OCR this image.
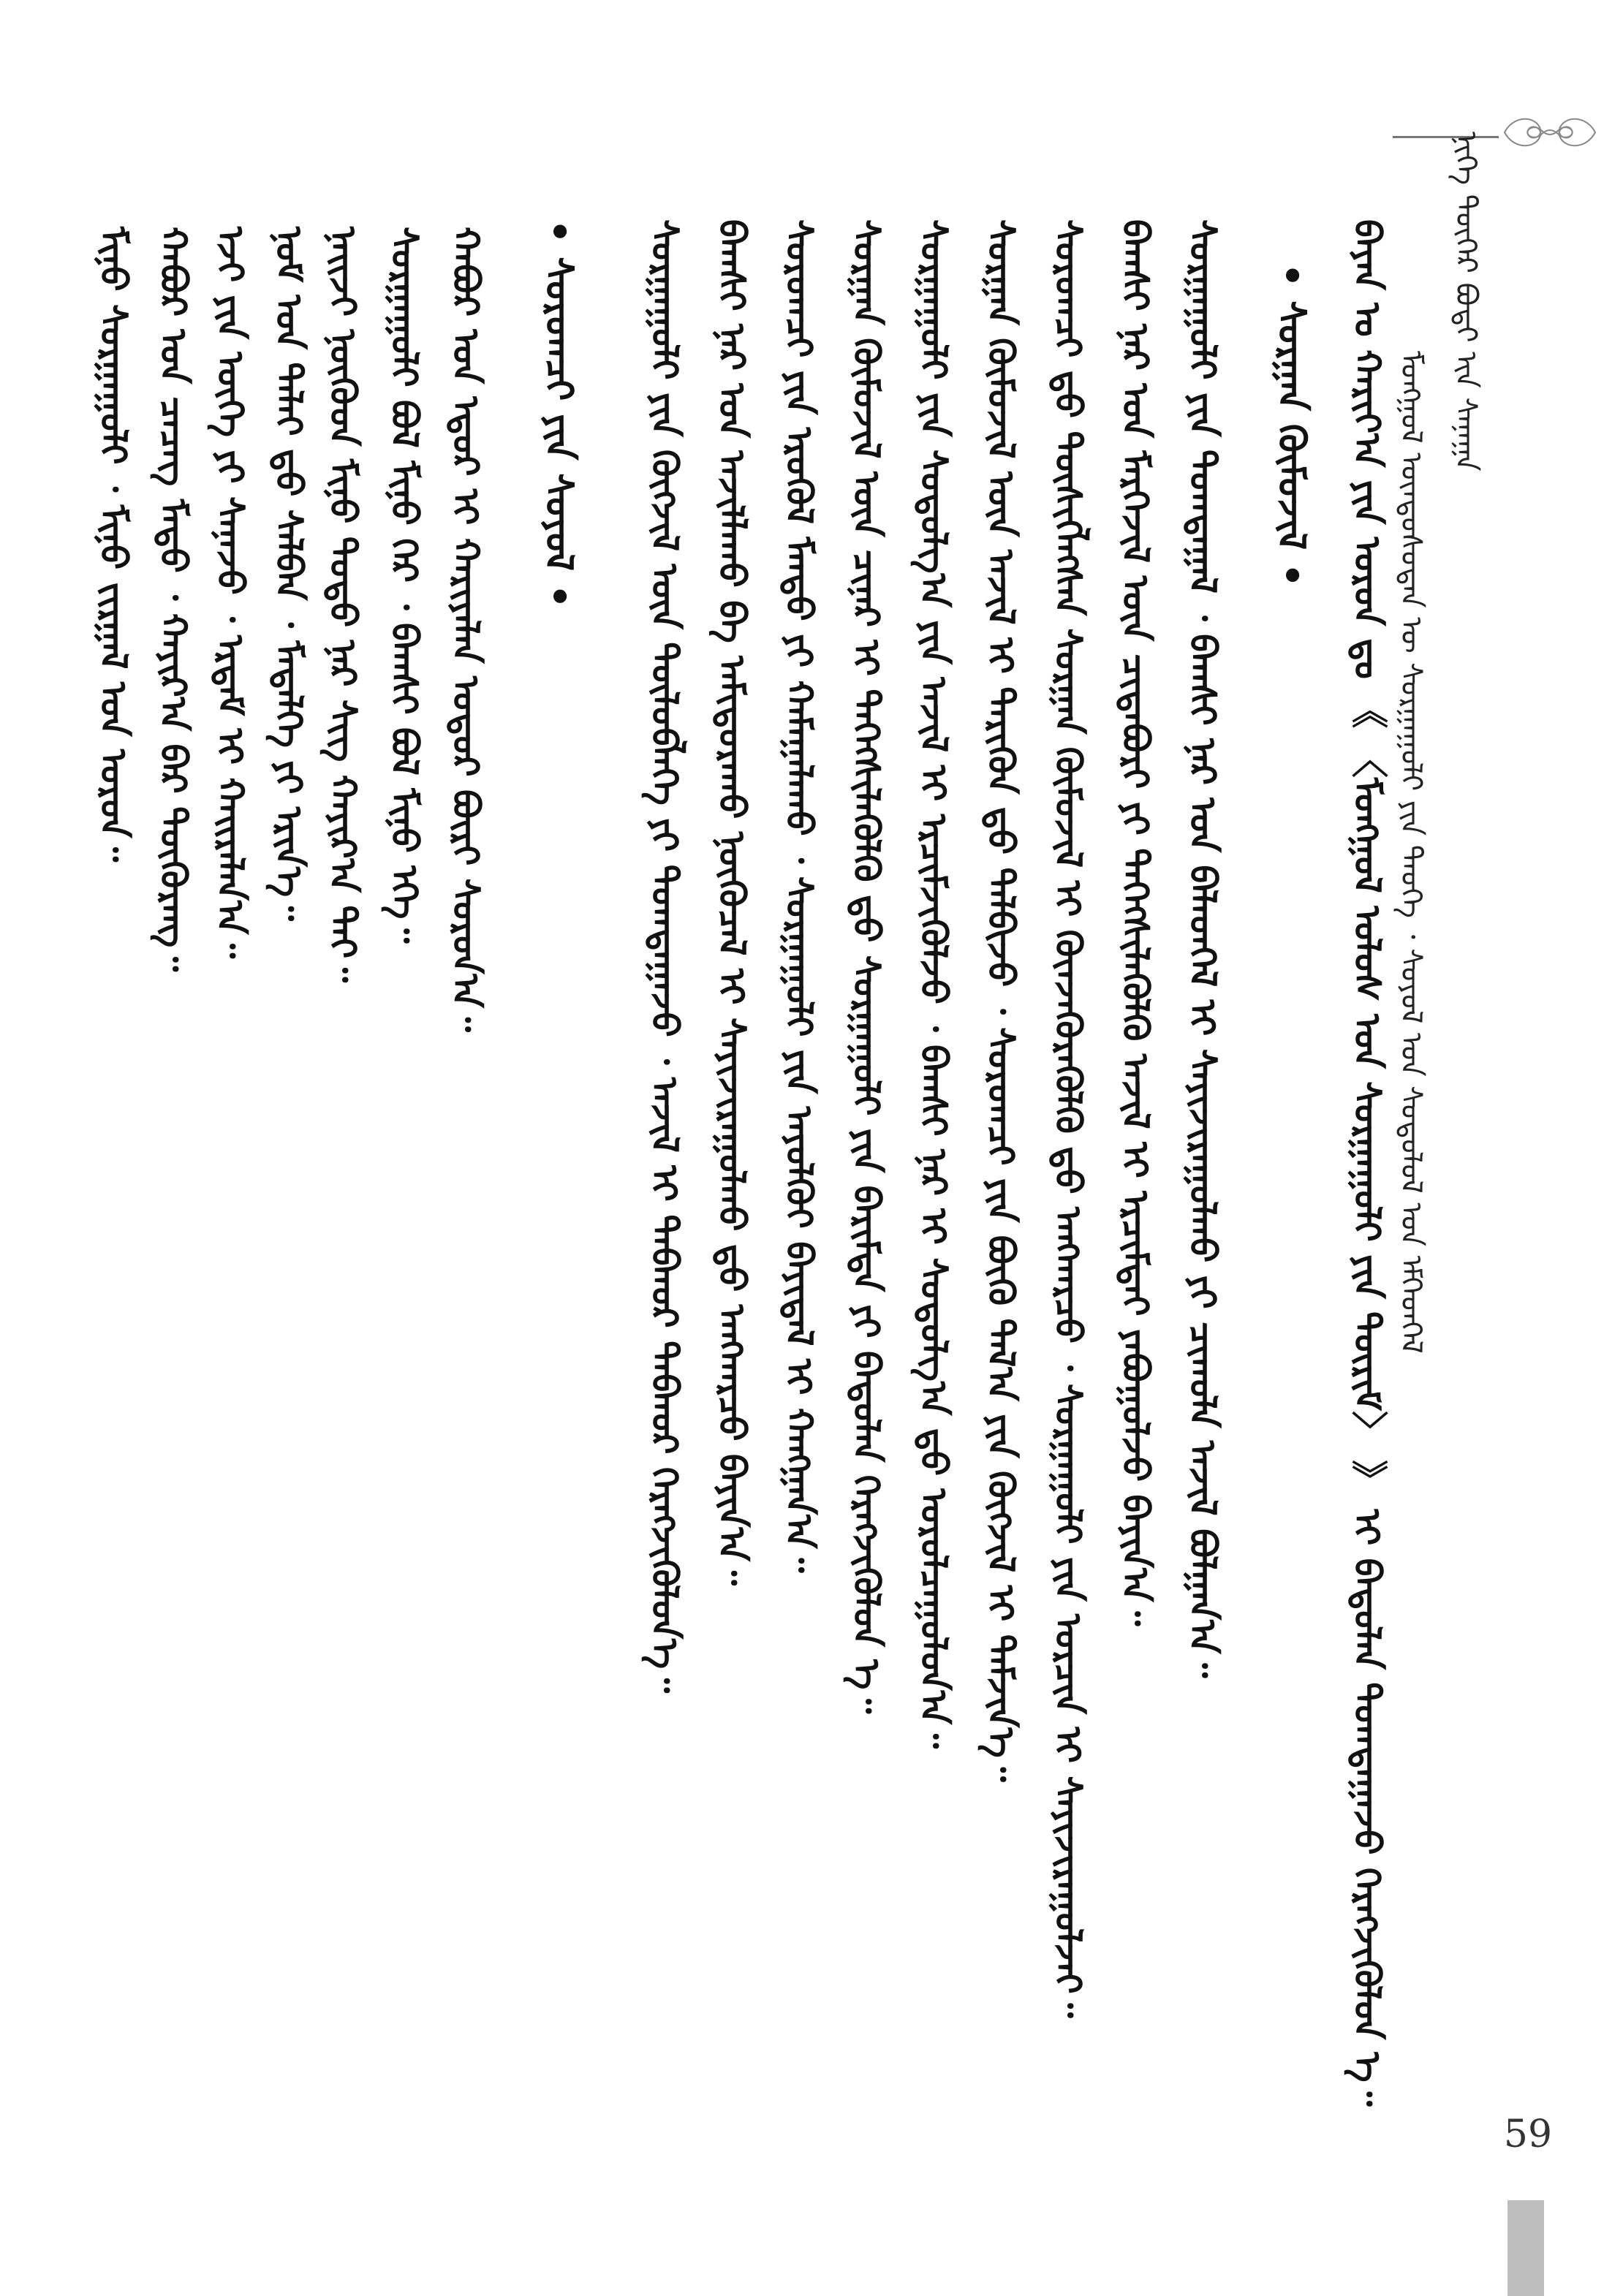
ᠮᠣᠩᠭᠣᠯ ᠦᠨᠳᠦᠰᠦᠲᠡᠨ ᠦ ᠰᠤᠷᠭᠠᠭᠤᠯᠢ ᠶᠢᠨ ᠲᠡᠦᠬᠡ ᠂ ᠰᠣᠶᠣᠯ ᠤᠨ ᠰᠤᠳᠤᠯᠤᠯ ᠤᠨ ᠡᠮᠬᠡᠳᠬᠡᠯ
ᠨᠢᠭᠡ ᠳᠦᠭᠡᠷ ᠪᠣᠳᠢ ᠎ᠢᠨ ᠰᠠᠨᠠᠭᠠ
ᠪᠠᠶᠠᠨ ᠤ ᠬᠠᠷᠢᠶ᠎ᠠ ᠶᠢᠨ ᠣᠷᠣᠨ ᠳᠤ 《 〈ᠮᠣᠩᠭᠣᠯ ᠤᠯᠤᠰ ᠤᠨ ᠰᠤᠷᠭᠠᠭᠤᠯᠢ ᠶᠢᠨ ᠳᠦᠷᠢᠮ〉 》 ᠢ ᠪᠠᠲᠤᠯᠠᠨ ᠲᠣᠭᠲᠠᠭᠠᠵᠤ ᠬᠡᠷᠡᠭᠵᠢᠭᠦᠯᠦᠨ ᠡ᠃
• ᠰᠤᠷᠭᠠᠨ ᠬᠦᠮᠦᠵᠢᠯ •
ᠰᠤᠷᠭᠠᠭᠤᠯᠢ ᠶᠢᠨ ᠲᠣᠭᠲᠠᠭᠠᠯ ᠂ ᠪᠠᠭᠰᠢ ᠨᠠᠷ ᠤᠨ ᠪᠡᠯᠡᠳᠬᠡᠯ ᠢ ᠰᠠᠶᠢᠵᠢᠷᠠᠭᠤᠯᠬᠤ ᠶᠢ ᠴᠢᠬᠤᠯᠠ ᠠᠵᠢᠯ ᠪᠣᠯᠭᠠᠨ᠎ᠠ᠃
ᠪᠠᠭᠰᠢ ᠨᠠᠷ ᠤᠨ ᠮᠡᠷᠭᠡᠵᠢᠯ ᠦᠨ ᠴᠢᠳᠠᠪᠤᠷᠢ ᠶᠢ ᠳᠡᠭᠡᠭᠰᠢᠯᠡᠭᠦᠯᠬᠦ ᠠᠵᠢᠯ ᠢ ᠡᠷᠴᠢᠮᠲᠡᠢ ᠶᠠᠪᠤᠭᠤᠯᠵᠤ ᠪᠠᠶᠢᠨ᠎ᠠ᠃
ᠰᠤᠷᠤᠭᠴᠢ ᠳ᠋ᠤ ᠲᠦᠰᠢᠭᠯᠡᠭᠰᠡᠨ ᠰᠤᠷᠭᠠᠨ ᠬᠦᠮᠦᠵᠢᠯ ᠢ ᠭᠦᠨᠵᠡᠭᠦᠷᠡᠭᠦᠯᠬᠦ ᠳ᠋ᠤ ᠠᠩᠬᠠᠷᠴᠤ ᠂ ᠰᠤᠷᠭᠠᠭᠤᠯᠢ ᠶᠢᠨ ᠣᠷᠴᠢᠨ ᠢ ᠰᠠᠶᠢᠵᠢᠷᠠᠭᠤᠯᠵᠠᠢ᠃
ᠰᠤᠷᠭᠠᠨ ᠬᠦᠮᠦᠵᠢᠯ ᠦᠨ ᠠᠵᠢᠯ ᠢ ᠲᠡᠷᠢᠭᠦᠨ ᠳ᠋ᠤ ᠲᠠᠯᠪᠢᠵᠤ ᠂ ᠰᠤᠷᠤᠭᠴᠢ ᠶᠢᠨ ᠪᠦᠬᠦ ᠲᠠᠯ᠎ᠠ ᠶᠢᠨ ᠬᠦᠭᠵᠢᠯ ᠢ ᠳᠡᠮᠵᠢᠨ᠎ᠡ᠃
ᠰᠤᠷᠭᠠᠭᠤᠯᠢ ᠶᠢᠨ ᠰᠤᠳᠤᠯᠭ᠎ᠠ ᠶᠢᠨ ᠠᠵᠢᠯ ᠢ ᠡᠷᠴᠢᠮᠵᠢᠭᠦᠯᠵᠦ ᠂ ᠪᠠᠭᠰᠢ ᠨᠠᠷ ᠢ ᠰᠤᠳᠤᠯᠭ᠎ᠠ ᠳ᠋ᠤ ᠣᠷᠣᠯᠴᠠᠭᠤᠯᠤᠨ᠎ᠠ᠃
ᠰᠤᠷᠭᠠᠨ ᠬᠦᠮᠦᠵᠢᠯ ᠦᠨ ᠴᠢᠨᠠᠷ ᠢ ᠳᠡᠭᠡᠭᠰᠢᠯᠡᠭᠦᠯᠬᠦ ᠳ᠋ᠤ ᠰᠤᠷᠭᠠᠭᠤᠯᠢ ᠶᠢᠨ ᠪᠠᠷᠢᠮᠲᠠ ᠶᠢ ᠪᠠᠲᠤᠯᠠᠨ ᠬᠡᠷᠡᠭᠵᠢᠭᠦᠯᠦᠨ ᠡ᠃
ᠰᠤᠷᠤᠭᠴᠢ ᠶᠢᠨ ᠡᠷᠦᠭᠦᠯ ᠮᠡᠨᠳᠦ ᠶᠢ ᠬᠠᠮᠠᠭᠠᠯᠠᠬᠤ ᠂ ᠰᠤᠷᠭᠠᠭᠤᠯᠢ ᠶᠢᠨ ᠠᠶᠤᠯᠭᠦᠢ ᠪᠠᠶᠢᠳᠠᠯ ᠢ ᠬᠠᠩᠭᠠᠨ᠎ᠠ᠃
ᠪᠠᠭᠰᠢ ᠨᠠᠷ ᠤᠨ ᠠᠵᠢᠯᠯᠠᠬᠤ ᠪᠠ ᠠᠮᠢᠳᠤᠷᠠᠬᠤ ᠨᠥᠬᠦᠴᠡᠯ ᠢ ᠰᠠᠶᠢᠵᠢᠷᠠᠭᠤᠯᠬᠤ ᠳ᠋ᠤ ᠠᠩᠬᠠᠷᠴᠤ ᠪᠠᠶᠢᠨ᠎ᠠ᠃
ᠰᠤᠷᠭᠠᠭᠤᠯᠢ ᠶᠢᠨ ᠬᠦᠭᠵᠢᠯ ᠦᠨ ᠲᠥᠯᠥᠪᠯᠡᠭᠡ ᠶᠢ ᠲᠣᠭᠲᠠᠭᠠᠵᠤ ᠂ ᠠᠵᠢᠯ ᠢ ᠳᠠᠪᠬᠤᠷ ᠳᠠᠪᠬᠤᠷ ᠬᠡᠷᠡᠭᠵᠢᠭᠦᠯᠦᠨ᠎ᠡ᠃
• ᠰᠤᠷᠤᠭᠴᠢ ᠶᠢᠨ ᠰᠣᠶᠣᠯ •
ᠬᠠᠪᠤᠷ ᠤᠨ ᠡᠳᠦᠷ ᠢ ᠬᠠᠷᠢᠶᠠᠯᠠᠨ ᠤᠳᠤᠷ ᠪᠦᠷᠢ ᠰᠤᠷᠤᠨ᠎ᠠ᠃
ᠰᠤᠷᠭᠠᠭᠤᠯᠢ ᠪᠣᠯ ᠮᠢᠨᠤ ᠭᠡᠷ ᠂ ᠪᠠᠭᠰᠢ ᠪᠣᠯ ᠮᠢᠨᠤ ᠡᠬᠡ᠃
ᠨᠠᠢᠵᠢ ᠨᠥᠬᠦᠳ ᠮᠢᠨᠤ ᠳᠤᠲᠤ ᠨᠠᠷ ᠰᠢᠭ ᠬᠠᠶᠢᠷ᠎ᠠ ᠲᠠᠢ᠃
ᠨᠣᠮ ᠤᠨ ᠳᠠᠯᠠᠢ ᠳ᠋ᠤ ᠰᠡᠯᠪᠡᠨ ᠂ ᠮᠡᠳᠡᠯᠭᠡ ᠶᠢ ᠡᠷᠢᠨ᠎ᠡ᠃
ᠡᠵᠢ ᠶᠢᠨ ᠦᠭᠡ ᠶᠢ ᠰᠠᠨᠠᠵᠤ ᠂ ᠡᠷᠳᠡᠮ ᠢ ᠬᠠᠢᠷᠠᠯᠠᠨ᠎ᠠ᠃
ᠬᠠᠪᠤᠷ ᠤᠨ ᠴᠡᠴᠡᠭ ᠮᠡᠲᠦ ᠂ ᠬᠠᠶᠢᠷ᠎ᠠ ᠪᠠᠷ ᠳᠦᠭᠦᠷᠡᠩ᠃
ᠮᠢᠨᠤ ᠰᠤᠷᠭᠠᠭᠤᠯᠢ ᠂ ᠮᠢᠨᠤ ᠵᠢᠷᠭᠠᠯ ᠤᠨ ᠣᠷᠣᠨ᠃
59
